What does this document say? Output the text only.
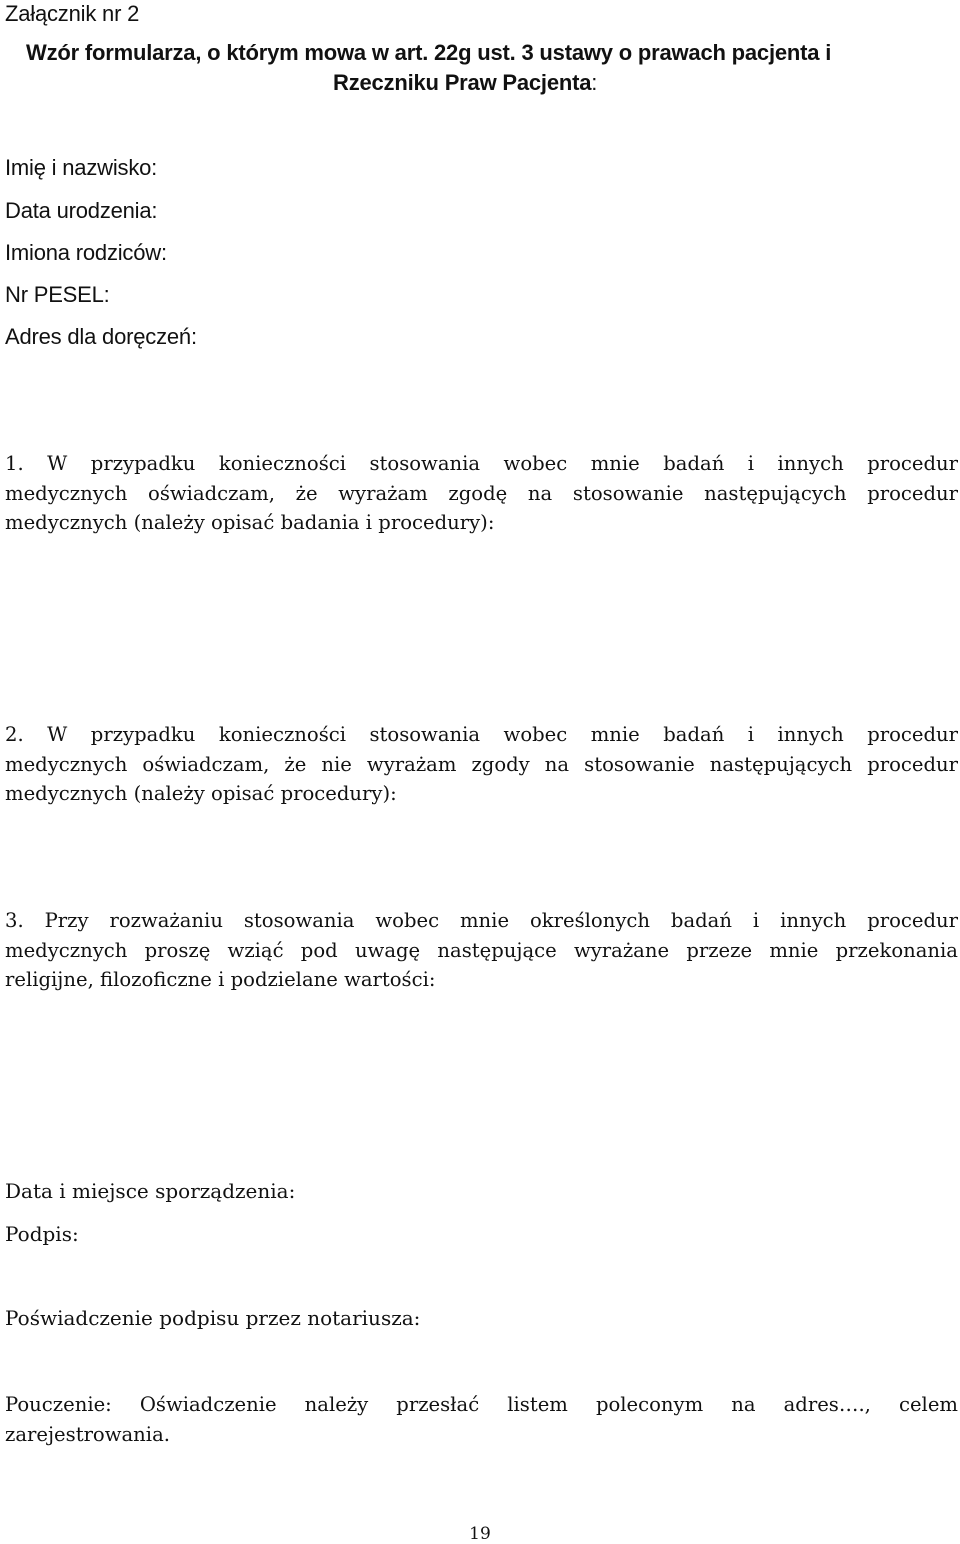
Załącznik nr 2
Wzór formularza, o którym mowa w art. 22g ust. 3 ustawy o prawach pacjenta i
Rzeczniku Praw Pacjenta:
Imię i nazwisko:
Data urodzenia:
Imiona rodziców:
Nr PESEL:
Adres dla doręczeń:
1. W przypadku konieczności stosowania wobec mnie badań i innych procedur
medycznych oświadczam, że wyrażam zgodę na stosowanie następujących procedur
medycznych (należy opisać badania i procedury):
2. W przypadku konieczności stosowania wobec mnie badań i innych procedur
medycznych oświadczam, że nie wyrażam zgody na stosowanie następujących procedur
medycznych (należy opisać procedury):
3. Przy rozważaniu stosowania wobec mnie określonych badań i innych procedur
medycznych proszę wziąć pod uwagę następujące wyrażane przeze mnie przekonania
religijne, filozoficzne i podzielane wartości:
Data i miejsce sporządzenia:
Podpis:
Poświadczenie podpisu przez notariusza:
Pouczenie: Oświadczenie należy przesłać listem poleconym na adres…., celem
zarejestrowania.
19
